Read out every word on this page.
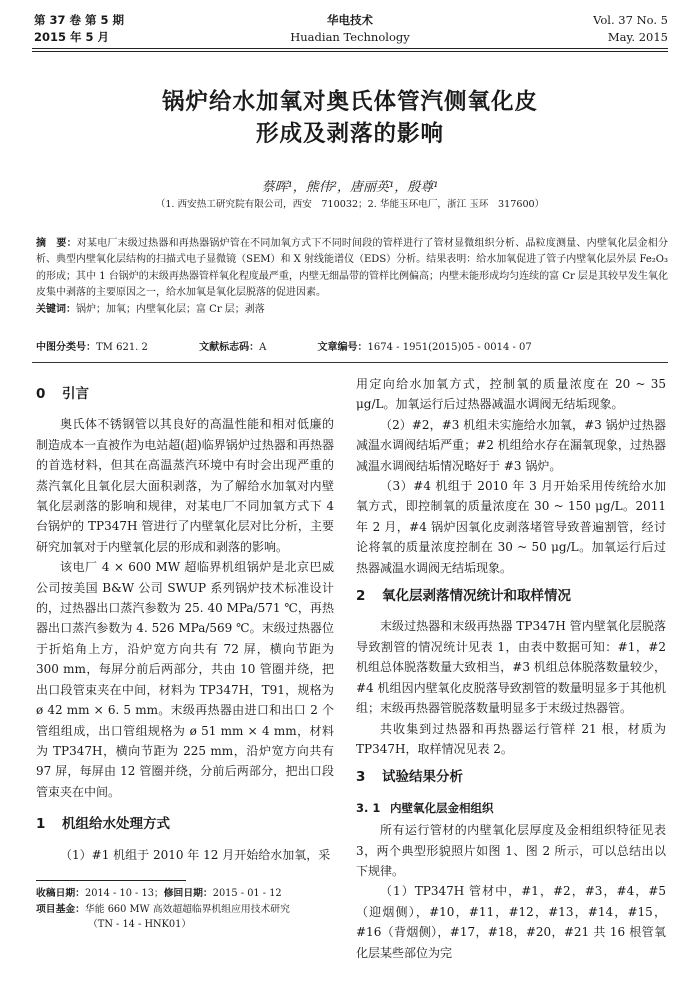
第 37 卷 第 5 期
2015 年 5 月
华电技术
Huadian Technology
Vol. 37 No. 5
May. 2015
锅炉给水加氧对奥氏体管汽侧氧化皮
形成及剥落的影响
蔡晖¹，熊伟²，唐丽英¹，殷尊¹
（1. 西安热工研究院有限公司，西安　710032；2. 华能玉环电厂，浙江 玉环　317600）

摘　要：对某电厂末级过热器和再热器锅炉管在不同加氧方式下不同时间段的管样进行了管材显微组织分析、晶粒度测量、内壁氧化层金相分析、典型内壁氧化层结构的扫描式电子显微镜（SEM）和 X 射线能谱仪（EDS）分析。结果表明：给水加氧促进了管子内壁氧化层外层 Fe₂O₃ 的形成；其中 1 台锅炉的末级再热器管样氧化程度最严重，内壁无细晶带的管样比例偏高；内壁未能形成均匀连续的富 Cr 层是其较早发生氧化皮集中剥落的主要原因之一，给水加氧是氧化层脱落的促进因素。

关键词：锅炉；加氧；内壁氧化层；富 Cr 层；剥落

中图分类号：TM 621. 2	文献标志码：A	文章编号：1674 - 1951(2015)05 - 0014 - 07
0 引言

奥氏体不锈钢管以其良好的高温性能和相对低廉的制造成本一直被作为电站超(超)临界锅炉过热器和再热器的首选材料，但其在高温蒸汽环境中有时会出现严重的蒸汽氧化且氧化层大面积剥落，为了解给水加氧对内壁氧化层剥落的影响和规律，对某电厂不同加氧方式下 4 台锅炉的 TP347H 管进行了内壁氧化层对比分析，主要研究加氧对于内壁氧化层的形成和剥落的影响。

该电厂 4 × 600 MW 超临界机组锅炉是北京巴威公司按美国 B&W 公司 SWUP 系列锅炉技术标准设计的，过热器出口蒸汽参数为 25. 40 MPa/571 ℃，再热器出口蒸汽参数为 4. 526 MPa/569 ℃。末级过热器位于折焰角上方，沿炉宽方向共有 72 屏，横向节距为 300 mm，每屏分前后两部分，共由 10 管圈并绕，把出口段管束夹在中间，材料为 TP347H，T91，规格为 ø 42 mm × 6. 5 mm。末级再热器由进口和出口 2 个管组组成，出口管组规格为 ø 51 mm × 4 mm，材料为 TP347H，横向节距为 225 mm，沿炉宽方向共有 97 屏，每屏由 12 管圈并绕，分前后两部分，把出口段管束夹在中间。

1 机组给水处理方式

（1）#1 机组于 2010 年 12 月开始给水加氧，采

用定向给水加氧方式，控制氧的质量浓度在 20 ~ 35 μg/L。加氧运行后过热器减温水调阀无结垢现象。

（2）#2，#3 机组未实施给水加氧，#3 锅炉过热器减温水调阀结垢严重；#2 机组给水存在漏氧现象，过热器减温水调阀结垢情况略好于 #3 锅炉。

（3）#4 机组于 2010 年 3 月开始采用传统给水加氧方式，即控制氧的质量浓度在 30 ~ 150 μg/L。2011 年 2 月，#4 锅炉因氧化皮剥落堵管导致普遍割管，经讨论将氧的质量浓度控制在 30 ~ 50 μg/L。加氧运行后过热器减温水调阀无结垢现象。

2 氧化层剥落情况统计和取样情况

末级过热器和末级再热器 TP347H 管内壁氧化层脱落导致割管的情况统计见表 1，由表中数据可知：#1，#2 机组总体脱落数量大致相当，#3 机组总体脱落数量较少，#4 机组因内壁氧化皮脱落导致割管的数量明显多于其他机组；末级再热器管脱落数量明显多于末级过热器管。

共收集到过热器和再热器运行管样 21 根，材质为 TP347H，取样情况见表 2。

3 试验结果分析
3. 1 内壁氧化层金相组织

所有运行管材的内壁氧化层厚度及金相组织特征见表 3，两个典型形貌照片如图 1、图 2 所示，可以总结出以下规律。

（1）TP347H 管材中，#1，#2，#3，#4，#5（迎烟侧），#10，#11，#12，#13，#14，#15，#16（背烟侧），#17，#18，#20，#21 共 16 根管氧化层某些部位为完

收稿日期：2014 - 10 - 13；修回日期：2015 - 01 - 12
项目基金：华能 660 MW 高效超超临界机组应用技术研究
（TN - 14 - HNK01）
